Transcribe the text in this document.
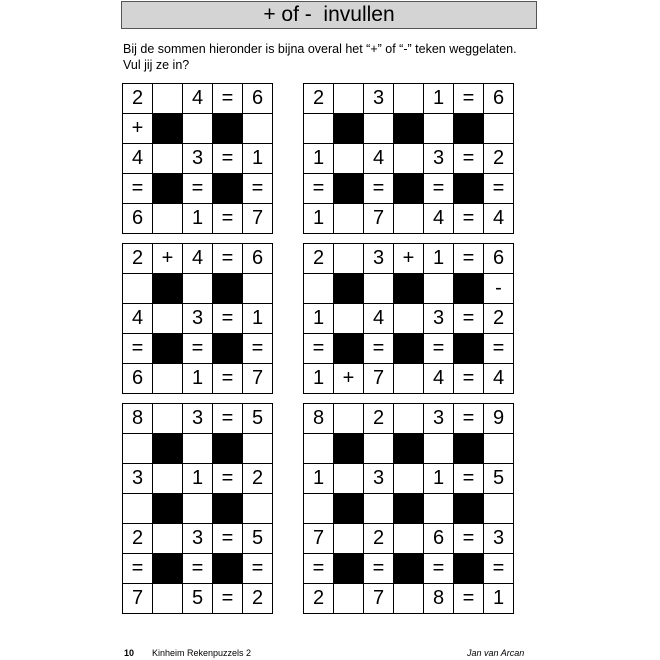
+ of -  invullen
Bij de sommen hieronder is bijna overal het “+” of “-” teken weggelaten.
Vul jij ze in?
2		4	=	6
+				
4		3	=	1
=		=		=
6		1	=	7
2		3		1	=	6

1		4		3	=	2
=		=		=		=
1		7		4	=	4
2	+	4	=	6

4		3	=	1
=		=		=
6		1	=	7
2		3	+	1	=	6
						-
1		4		3	=	2
=		=		=		=
1	+	7		4	=	4
8		3	=	5

3		1	=	2

2		3	=	5
=		=		=
7		5	=	2
8		2		3	=	9

1		3		1	=	5

7		2		6	=	3
=		=		=		=
2		7		8	=	1
10 Kinheim Rekenpuzzels 2	Jan van Arcan
